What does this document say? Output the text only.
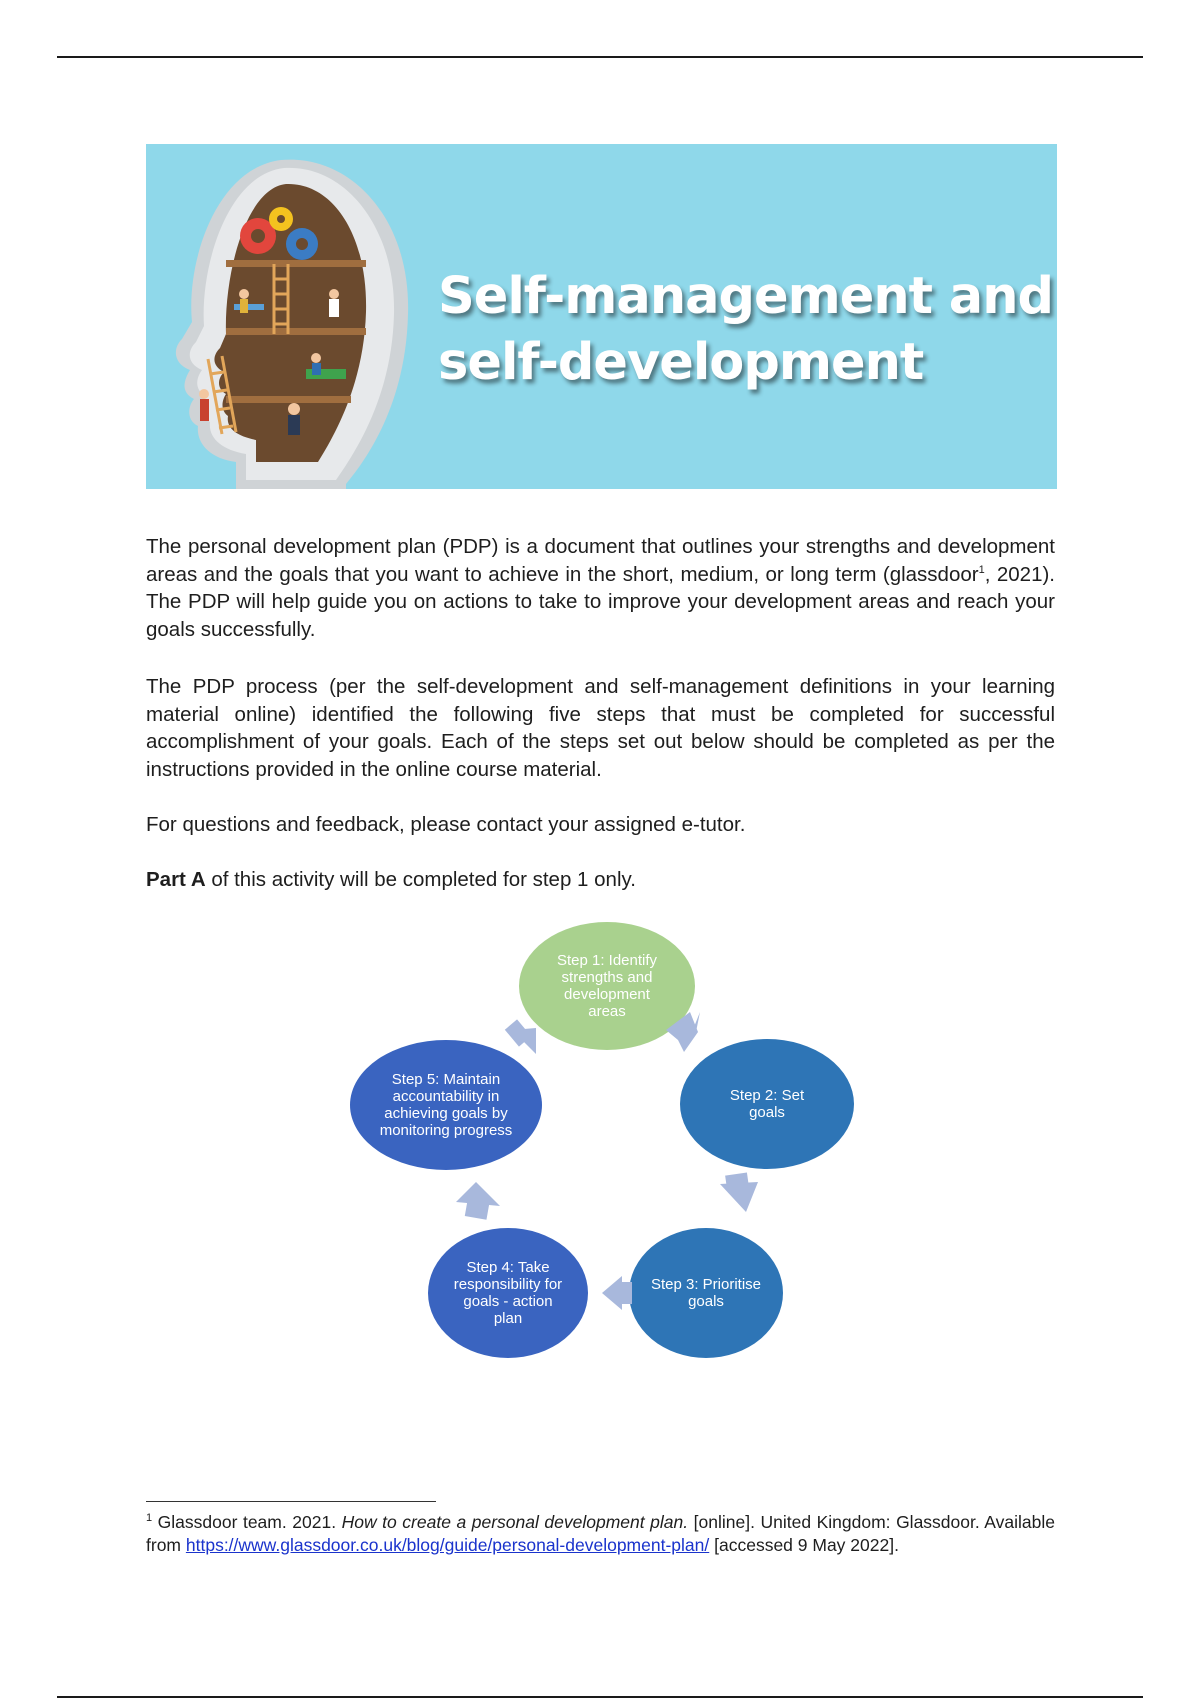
Self-management and
self-development
The personal development plan (PDP) is a document that outlines your strengths and development areas and the goals that you want to achieve in the short, medium, or long term (glassdoor$^1$, 2021). The PDP will help guide you on actions to take to improve your development areas and reach your goals successfully.
The PDP process (per the self-development and self-management definitions in your learning material online) identified the following five steps that must be completed for successful accomplishment of your goals. Each of the steps set out below should be completed as per the instructions provided in the online course material.
For questions and feedback, please contact your assigned e-tutor.
Part A of this activity will be completed for step 1 only.
Step 1: Identify strengths and development areas
Step 2: Set goals
Step 3: Prioritise goals
Step 4: Take responsibility for goals - action plan
Step 5: Maintain accountability in achieving goals by monitoring progress
$^1$ Glassdoor team. 2021. How to create a personal development plan. [online]. United Kingdom: Glassdoor. Available from https://www.glassdoor.co.uk/blog/guide/personal-development-plan/ [accessed 9 May 2022].
